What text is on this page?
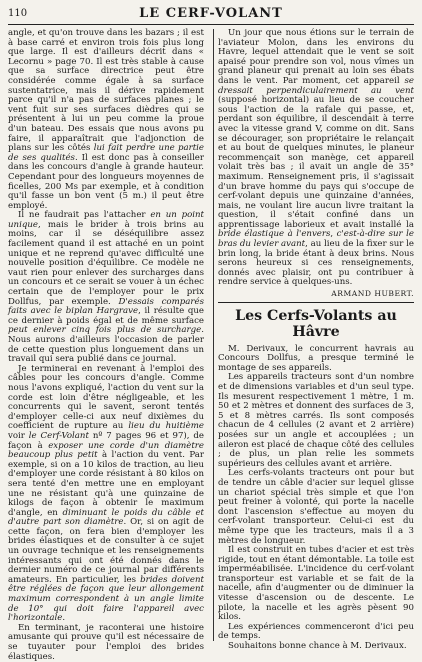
110	LE CERF-VOLANT

angle, et qu'on trouve dans les bazars ; il est à base carré et environ trois fois plus long que large. Il est d'ailleurs décrit dans « Lecornu » page 70. Il est très stable à cause que sa surface directrice peut être considérée comme égale à sa surface sustentatrice, mais il dérive rapidement parce qu'il n'a pas de surfaces planes ; le vent fuit sur ses surfaces dièdres qui se présentent à lui un peu comme la proue d'un bateau. Des essais que nous avons pu faire, il apparaîtrait que l'adjonction de plans sur les côtés lui fait perdre une partie de ses qualités. Il est donc pas à conseiller dans les concours d'angle à grande hauteur. Cependant pour des longueurs moyennes de ficelles, 200 Ms par exemple, et à condition qu'il fasse un bon vent (5 m.) il peut être employé.

Il ne faudrait pas l'attacher en un point unique, mais le brider à trois brins au moins, car il se déséquilibre assez facilement quand il est attaché en un point unique et ne reprend qu'avec difficulté une nouvelle position d'équilibre. Ce modèle ne vaut rien pour enlever des surcharges dans un concours et ce serait se vouer à un échec certain que de l'employer pour le prix Dollfus, par exemple. D'essais comparés faits avec le biplan Hargrave, il résulte que ce dernier à poids égal et de même surface peut enlever cinq fois plus de surcharge. Nous aurons d'ailleurs l'occasion de parler de cette question plus longuement dans un travail qui sera publié dans ce journal.

Je terminerai en revenant à l'emploi des câbles pour les concours d'angle. Comme nous l'avons expliqué, l'action du vent sur la corde est loin d'être négligeable, et les concurrents qui le savent, seront tentés d'employer celle-ci aux neuf dixièmes du coefficient de rupture au lieu du huitième voir le Cerf-Volant nº 7 pages 96 et 97), de façon à exposer une corde d'un diamètre beaucoup plus petit à l'action du vent. Par exemple, si on a 10 kilos de traction, au lieu d'employer une corde résistant à 80 kilos on sera tenté d'en mettre une en employant une ne résistant qu'à une quinzaine de kilogs de façon à obtenir le maximum d'angle, en diminuant le poids du câble et d'autre part son diamètre. Or, si on agit de cette façon, on fera bien d'employer les brides élastiques et de consulter à ce sujet un ouvrage technique et les renseignements intéressants qui ont été donnés dans le dernier numéro de ce journal par différents amateurs. En particulier, les brides doivent être réglées de façon que leur allongement maximum correspondent à un angle limite de 10° qui doit faire l'appareil avec l'horizontale.

En terminant, je raconterai une histoire amusante qui prouve qu'il est nécessaire de se tuyauter pour l'emploi des brides élastiques.

Un jour que nous étions sur le terrain de l'aviateur Molon, dans les environs du Havre, lequel attendait que le vent se soit apaisé pour prendre son vol, nous vîmes un grand planeur qui prenait au loin ses ébats dans le vent. Par moment, cet appareil se dressait perpendiculairement au vent (supposé horizontal) au lieu de se coucher sous l'action de la rafale qui passe, et, perdant son équilibre, il descendait à terre avec la vitesse grand V, comme on dit. Sans se décourager, son propriétaire le relançait et au bout de quelques minutes, le planeur recommençait son manège, cet appareil volait très bas ; il avait un angle de 35° maximum. Renseignement pris, il s'agissait d'un brave homme du pays qui s'occupe de cerf-volant depuis une quinzaine d'années, mais, ne voulant lire aucun livre traitant la question, il s'était confiné dans un apprentissage laborieux et avait installé la bride élastique à l'envers, c'est-à-dire sur le bras du levier avant, au lieu de la fixer sur le brin long, la bride étant à deux brins. Nous serons heureux si ces renseignements, donnés avec plaisir, ont pu contribuer à rendre service à quelques-uns.

ARMAND HUBERT.
Les Cerfs-Volants au Hâvre

M. Derivaux, le concurrent havrais au Concours Dollfus, a presque terminé le montage de ses appareils.

Les appareils tracteurs sont d'un nombre et de dimensions variables et d'un seul type. Ils mesurent respectivement 1 mètre, 1 m. 50 et 2 mètres et donnent des surfaces de 3, 5 et 8 mètres carrés. Ils sont composés chacun de 4 cellules (2 avant et 2 arrière) posées sur un angle et accouplées ; un aileron est placé de chaque côté des cellules ; de plus, un plan relie les sommets supérieurs des cellules avant et arrière.

Les cerfs-volants tracteurs ont pour but de tendre un câble d'acier sur lequel glisse un chariot spécial très simple et que l'on peut freiner à volonté, qui porte la nacelle dont l'ascension s'effectue au moyen du cerf-volant transporteur. Celui-ci est du même type que les tracteurs, mais il a 3 mètres de longueur.

Il est construit en tubes d'acier et est très rigide, tout en étant démontable. La toile est imperméabilisée. L'incidence du cerf-volant transporteur est variable et se fait de la nacelle, afin d'augmenter ou de diminuer la vitesse d'ascension ou de descente. Le pilote, la nacelle et les agrès pèsent 90 kilos.

Les expériences commenceront d'ici peu de temps.

Souhaitons bonne chance à M. Derivaux.
